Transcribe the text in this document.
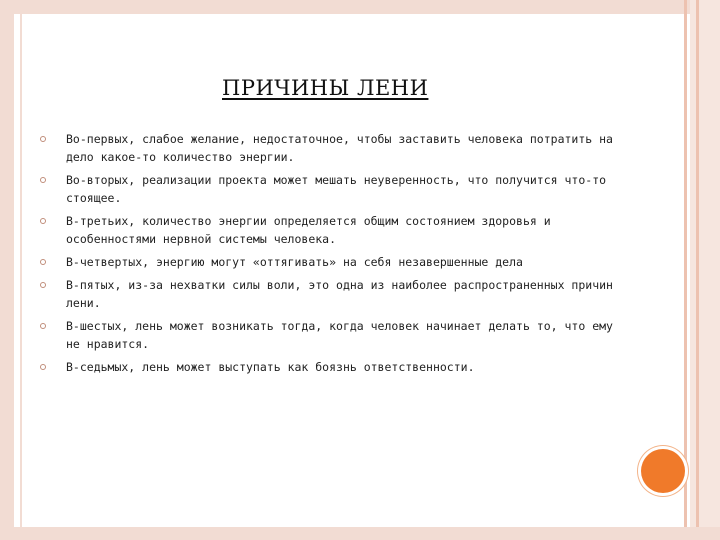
ПРИЧИНЫ ЛЕНИ
Во-первых, слабое желание, недостаточное, чтобы заставить человека потратить на дело какое-то количество энергии.
Во-вторых, реализации проекта может мешать неуверенность, что получится что-то стоящее.
В-третьих, количество энергии определяется общим состоянием здоровья и особенностями нервной системы человека.
В-четвертых, энергию могут «оттягивать» на себя незавершенные дела
В-пятых, из-за нехватки силы воли, это одна из наиболее распространенных причин лени.
В-шестых, лень может возникать тогда, когда человек начинает делать то, что ему не нравится.
В-седьмых, лень может выступать как боязнь ответственности.
